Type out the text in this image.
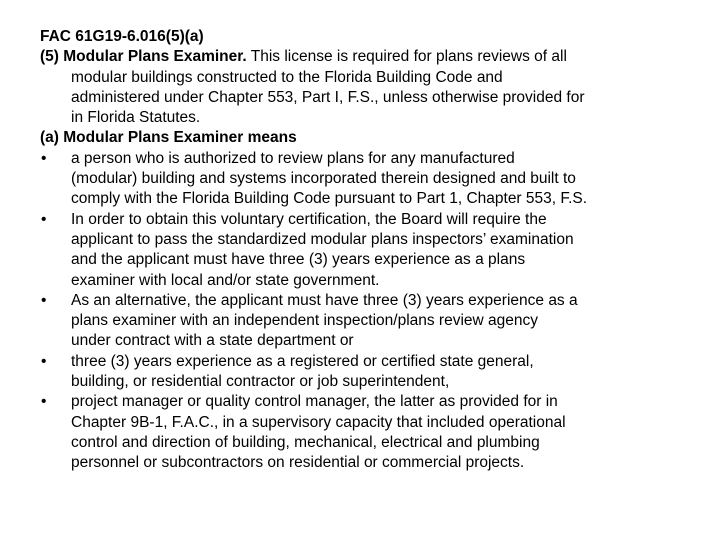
FAC 61G19-6.016(5)(a)
(5) Modular Plans Examiner. This license is required for plans reviews of all
modular buildings constructed to the Florida Building Code and
administered under Chapter 553, Part I, F.S., unless otherwise provided for
in Florida Statutes.
(a) Modular Plans Examiner means
• a person who is authorized to review plans for any manufactured
(modular) building and systems incorporated therein designed and built to
comply with the Florida Building Code pursuant to Part 1, Chapter 553, F.S.
• In order to obtain this voluntary certification, the Board will require the
applicant to pass the standardized modular plans inspectors’ examination
and the applicant must have three (3) years experience as a plans
examiner with local and/or state government.
• As an alternative, the applicant must have three (3) years experience as a
plans examiner with an independent inspection/plans review agency
under contract with a state department or
• three (3) years experience as a registered or certified state general,
building, or residential contractor or job superintendent,
• project manager or quality control manager, the latter as provided for in
Chapter 9B-1, F.A.C., in a supervisory capacity that included operational
control and direction of building, mechanical, electrical and plumbing
personnel or subcontractors on residential or commercial projects.
